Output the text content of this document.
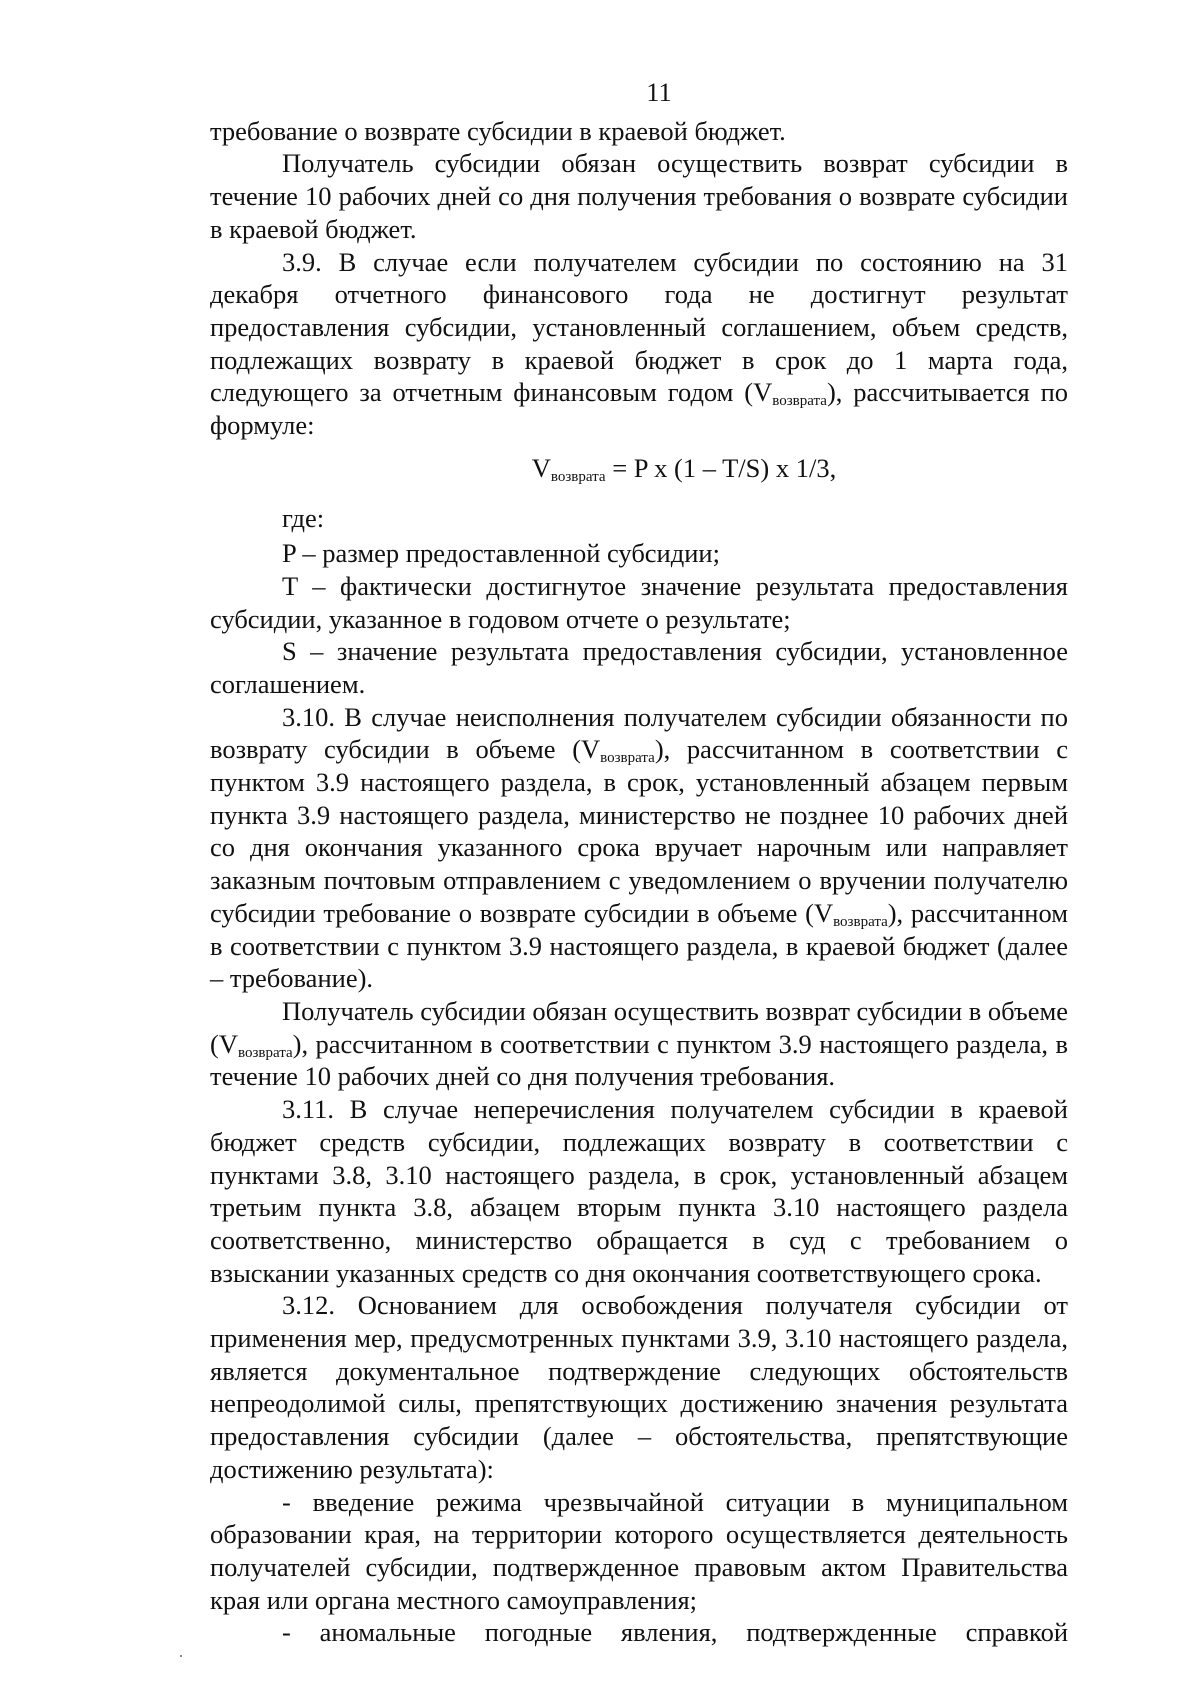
11

требование о возврате субсидии в краевой бюджет.

Получатель субсидии обязан осуществить возврат субсидии в течение 10 рабочих дней со дня получения требования о возврате субсидии в краевой бюджет.

3.9. В случае если получателем субсидии по состоянию на 31 декабря отчетного финансового года не достигнут результат предоставления субсидии, установленный соглашением, объем средств, подлежащих возврату в краевой бюджет в срок до 1 марта года, следующего за отчетным финансовым годом $(V_{возврата})$, рассчитывается по формуле:

$V_{возврата} = P$ x (1 – T/S) x 1/3,

где:

P – размер предоставленной субсидии;

T – фактически достигнутое значение результата предоставления субсидии, указанное в годовом отчете о результате;

S – значение результата предоставления субсидии, установленное соглашением.

3.10. В случае неисполнения получателем субсидии обязанности по возврату субсидии в объеме $(V_{возврата})$, рассчитанном в соответствии с пунктом 3.9 настоящего раздела, в срок, установленный абзацем первым пункта 3.9 настоящего раздела, министерство не позднее 10 рабочих дней со дня окончания указанного срока вручает нарочным или направляет заказным почтовым отправлением с уведомлением о вручении получателю субсидии требование о возврате субсидии в объеме $(V_{возврата})$, рассчитанном в соответствии с пунктом 3.9 настоящего раздела, в краевой бюджет (далее – требование).

Получатель субсидии обязан осуществить возврат субсидии в объеме $(V_{возврата})$, рассчитанном в соответствии с пунктом 3.9 настоящего раздела, в течение 10 рабочих дней со дня получения требования.

3.11. В случае неперечисления получателем субсидии в краевой бюджет средств субсидии, подлежащих возврату в соответствии с пунктами 3.8, 3.10 настоящего раздела, в срок, установленный абзацем третьим пункта 3.8, абзацем вторым пункта 3.10 настоящего раздела соответственно, министерство обращается в суд с требованием о взыскании указанных средств со дня окончания соответствующего срока.

3.12. Основанием для освобождения получателя субсидии от применения мер, предусмотренных пунктами 3.9, 3.10 настоящего раздела, является документальное подтверждение следующих обстоятельств непреодолимой силы, препятствующих достижению значения результата предоставления субсидии (далее – обстоятельства, препятствующие достижению результата):

- введение режима чрезвычайной ситуации в муниципальном образовании края, на территории которого осуществляется деятельность получателей субсидии, подтвержденное правовым актом Правительства края или органа местного самоуправления;

- аномальные погодные явления, подтвержденные справкой
